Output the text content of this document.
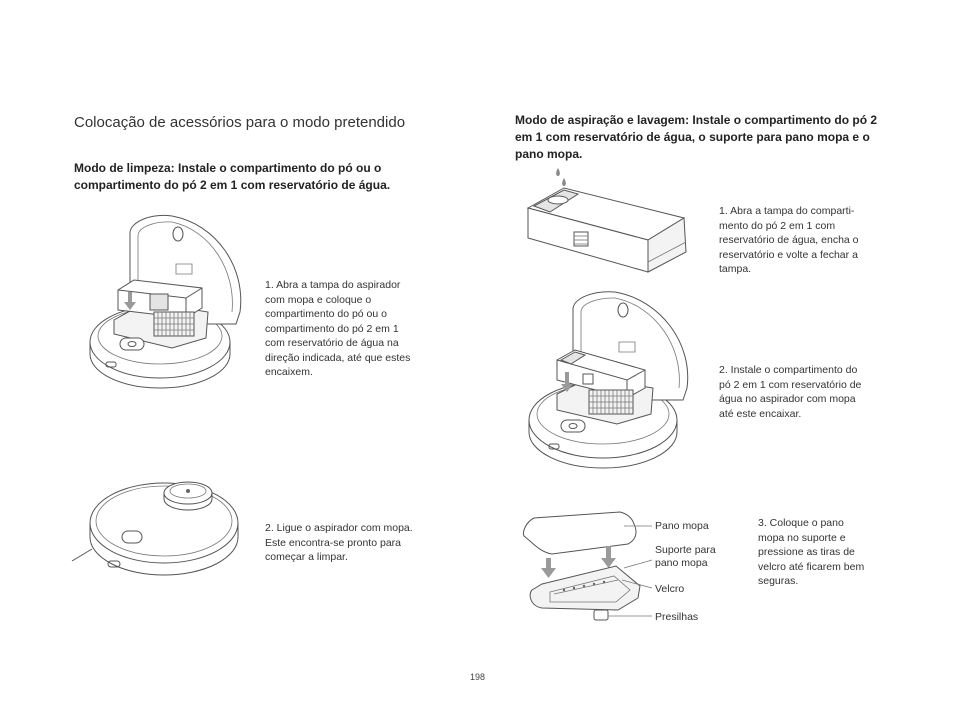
Colocação de acessórios para o modo pretendido
Modo de limpeza: Instale o compartimento do pó ou o
compartimento do pó 2 em 1 com reservatório de água.
1. Abra a tampa do aspirador
com mopa e coloque o
compartimento do pó ou o
compartimento do pó 2 em 1
com reservatório de água na
direção indicada, até que estes
encaixem.
2. Ligue o aspirador com mopa.
Este encontra-se pronto para
começar a limpar.
Modo de aspiração e lavagem: Instale o compartimento do pó 2
em 1 com reservatório de água, o suporte para pano mopa e o
pano mopa.
1. Abra a tampa do comparti-
mento do pó 2 em 1 com
reservatório de água, encha o
reservatório e volte a fechar a
tampa.
2. Instale o compartimento do
pó 2 em 1 com reservatório de
água no aspirador com mopa
até este encaixar.
3. Coloque o pano
mopa no suporte e
pressione as tiras de
velcro até ficarem bem
seguras.
Pano mopa
Suporte para
pano mopa
Velcro
Presilhas
198
